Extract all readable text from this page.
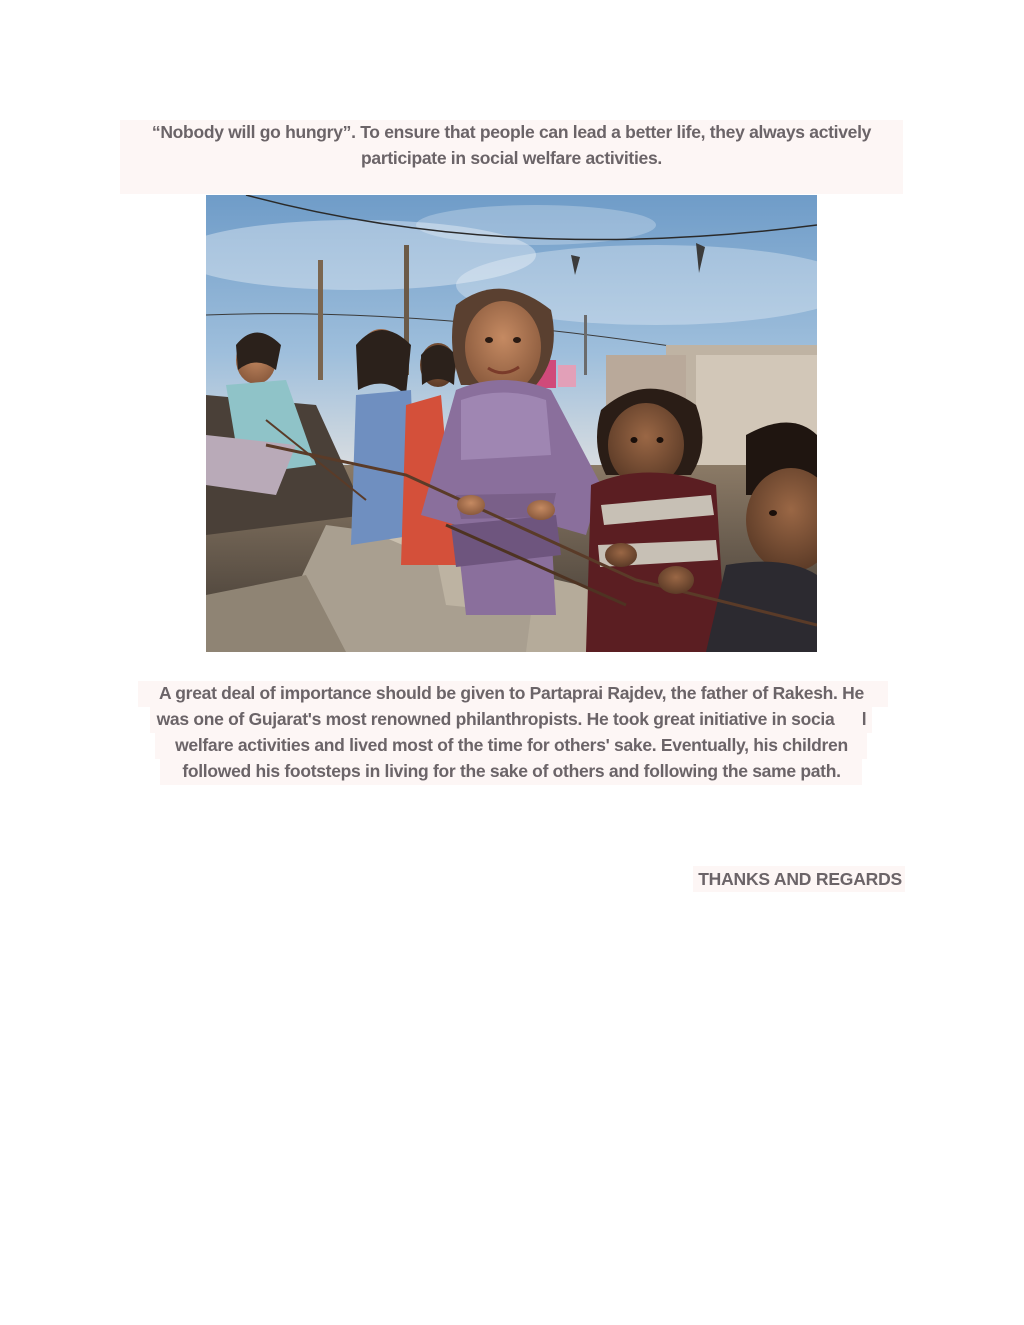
“Nobody will go hungry”. To ensure that people can lead a better life, they always actively
participate in social welfare activities.
A great deal of importance should be given to Partaprai Rajdev, the father of Rakesh. He
was one of Gujarat's most renowned philanthropists. He took great initiative in socia      l
welfare activities and lived most of the time for others' sake. Eventually, his children
followed his footsteps in living for the sake of others and following the same path.
THANKS AND REGARDS
